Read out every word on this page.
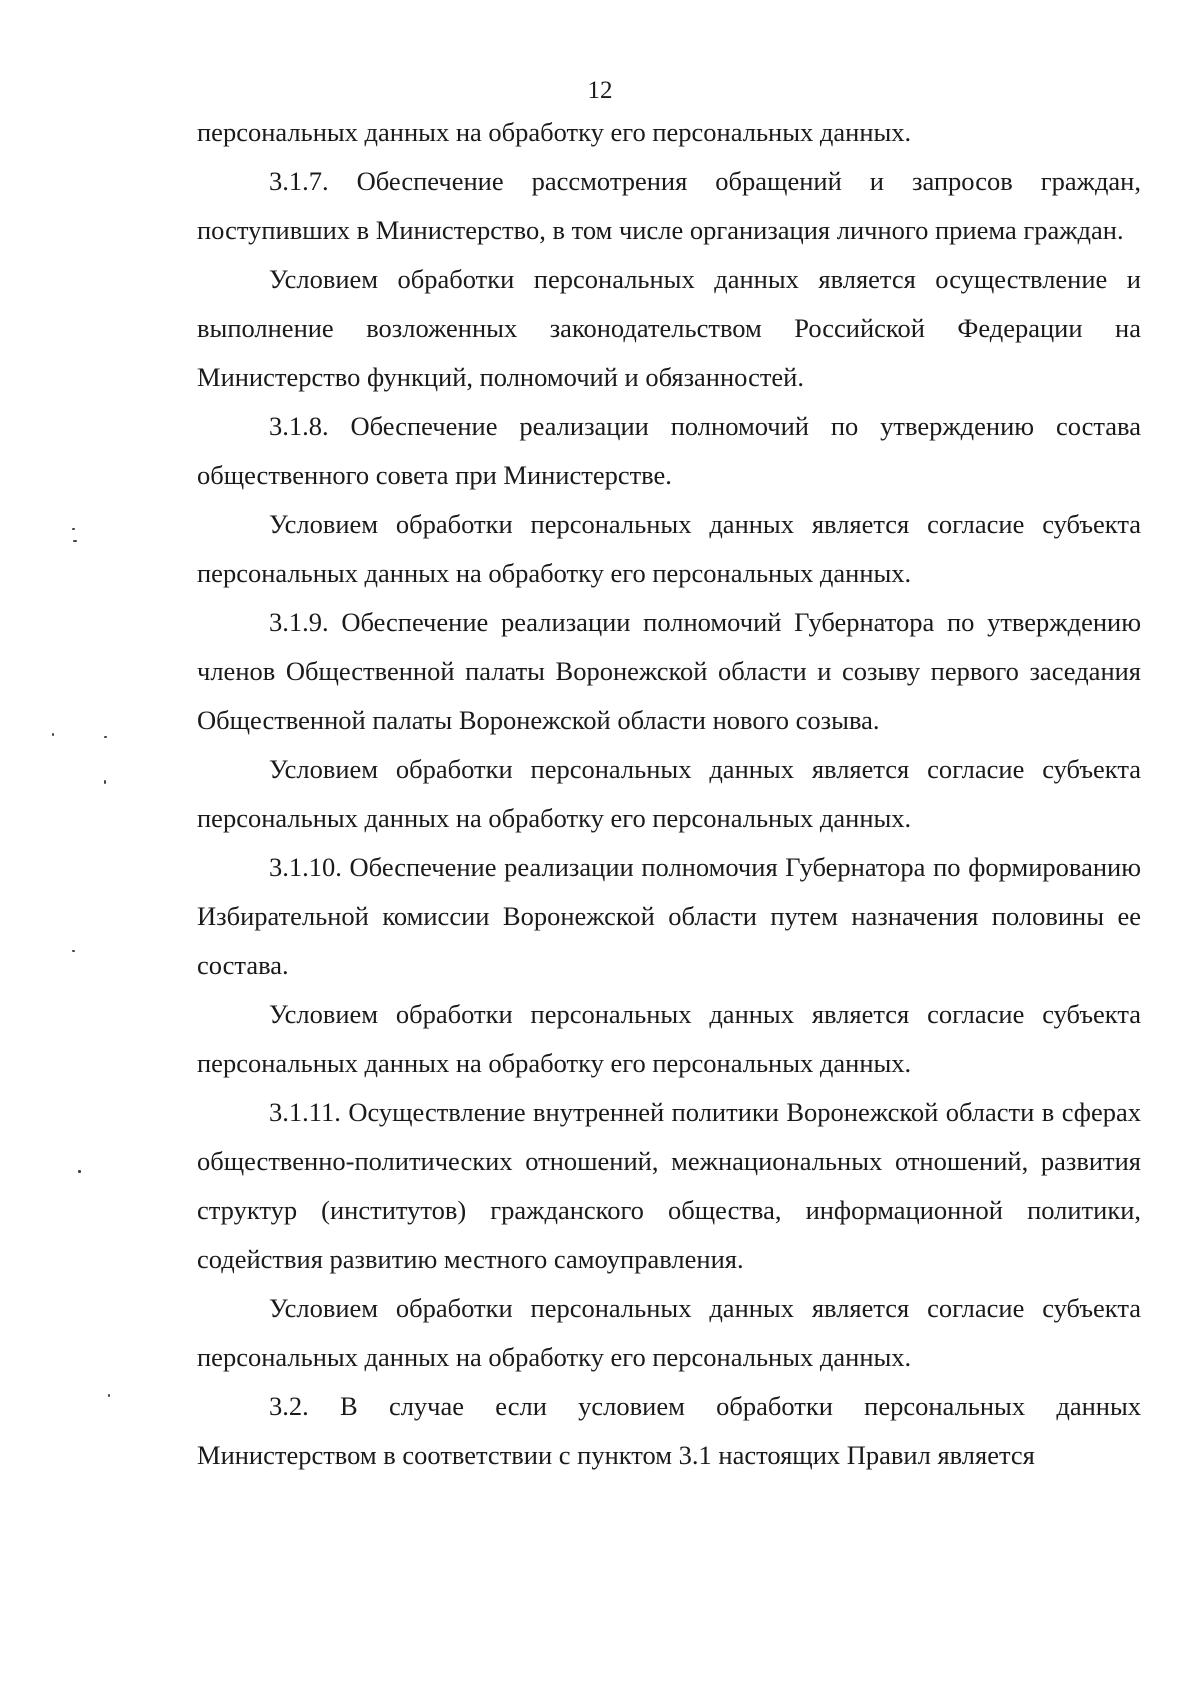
12

персональных данных на обработку его персональных данных.

3.1.7. Обеспечение рассмотрения обращений и запросов граждан, поступивших в Министерство, в том числе организация личного приема граждан.

Условием обработки персональных данных является осуществление и выполнение возложенных законодательством Российской Федерации на Министерство функций, полномочий и обязанностей.

3.1.8. Обеспечение реализации полномочий по утверждению состава общественного совета при Министерстве.

Условием обработки персональных данных является согласие субъекта персональных данных на обработку его персональных данных.

3.1.9. Обеспечение реализации полномочий Губернатора по утверждению членов Общественной палаты Воронежской области и созыву первого заседания Общественной палаты Воронежской области нового созыва.

Условием обработки персональных данных является согласие субъекта персональных данных на обработку его персональных данных.

3.1.10. Обеспечение реализации полномочия Губернатора по формированию Избирательной комиссии Воронежской области путем назначения половины ее состава.

Условием обработки персональных данных является согласие субъекта персональных данных на обработку его персональных данных.

3.1.11. Осуществление внутренней политики Воронежской области в сферах общественно-политических отношений, межнациональных отношений, развития структур (институтов) гражданского общества, информационной политики, содействия развитию местного самоуправления.

Условием обработки персональных данных является согласие субъекта персональных данных на обработку его персональных данных.

3.2. В случае если условием обработки персональных данных Министерством в соответствии с пунктом 3.1 настоящих Правил является
